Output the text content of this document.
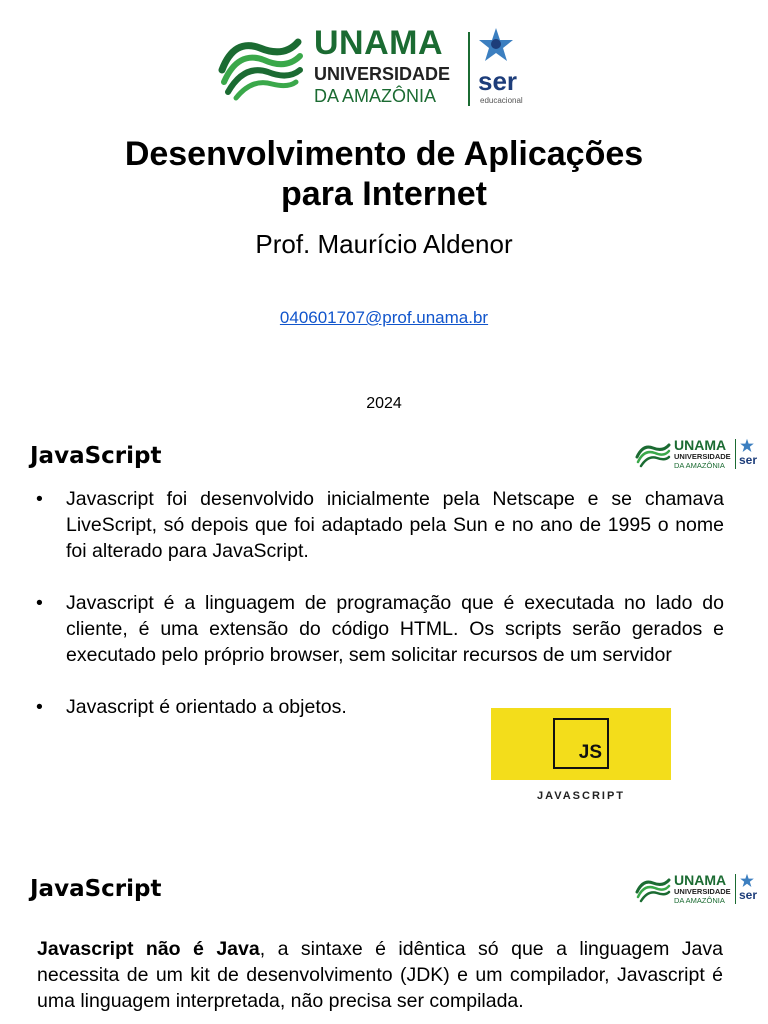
UNAMA
UNIVERSIDADE
DA AMAZÔNIA ser
educacional
Desenvolvimento de Aplicações
para Internet
Prof. Maurício Aldenor
040601707@prof.unama.br
2024
JavaScript	UNAMA
UNIVERSIDADE
DA AMAZÔNIA ser
• Javascript foi desenvolvido inicialmente pela Netscape e se chamava LiveScript, só depois que foi adaptado pela Sun e no ano de 1995 o nome foi alterado para JavaScript.
• Javascript é a linguagem de programação que é executada no lado do cliente, é uma extensão do código HTML. Os scripts serão gerados e executado pelo próprio browser, sem solicitar recursos de um servidor
• Javascript é orientado a objetos.
JS
JAVASCRIPT
JavaScript	UNAMA
UNIVERSIDADE
DA AMAZÔNIA ser
Javascript não é Java, a sintaxe é idêntica só que a linguagem Java necessita de um kit de desenvolvimento (JDK) e um compilador, Javascript é uma linguagem interpretada, não precisa ser compilada.
